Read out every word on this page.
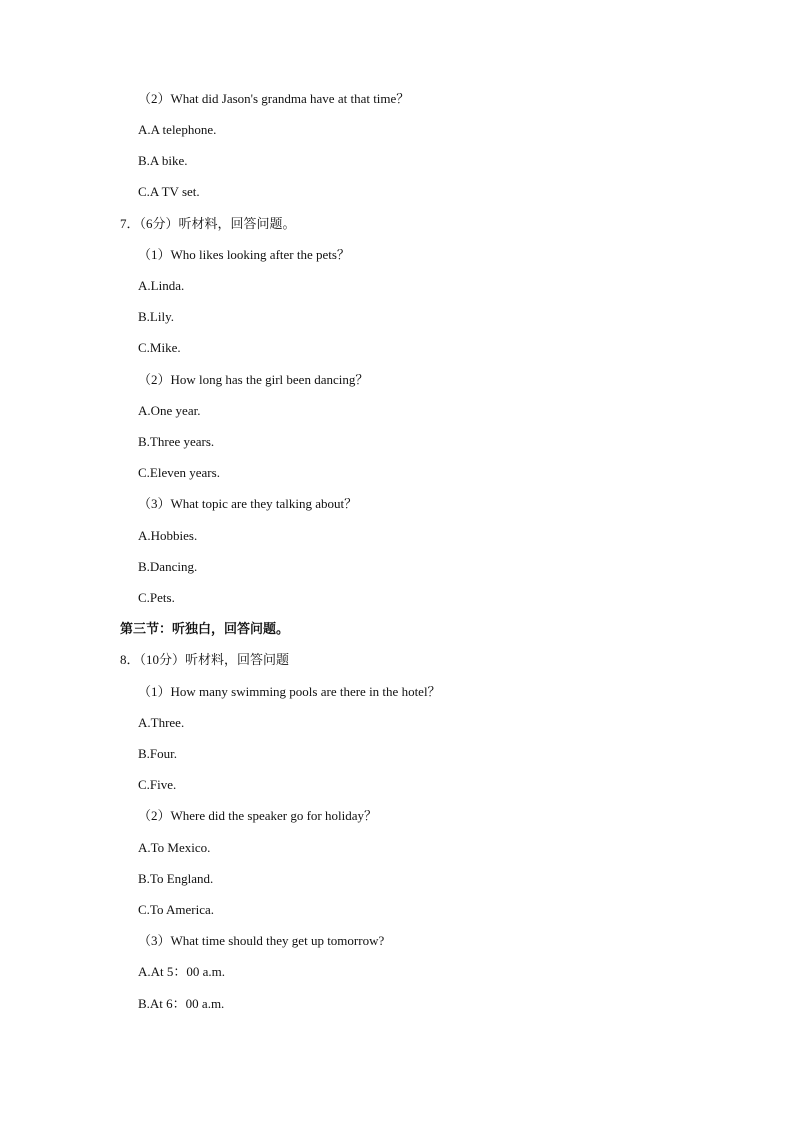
（2）What did Jason's grandma have at that time？
A.A telephone.
B.A bike.
C.A TV set.
7．（6分）听材料，回答问题。
（1）Who likes looking after the pets？
A.Linda.
B.Lily.
C.Mike.
（2）How long has the girl been dancing？
A.One year.
B.Three years.
C.Eleven years.
（3）What topic are they talking about？
A.Hobbies.
B.Dancing.
C.Pets.
第三节：听独白，回答问题。
8．（10分）听材料，回答问题
（1）How many swimming pools are there in the hotel？
A.Three.
B.Four.
C.Five.
（2）Where did the speaker go for holiday？
A.To Mexico.
B.To England.
C.To America.
（3）What time should they get up tomorrow?
A.At 5：00 a.m.
B.At 6：00 a.m.
